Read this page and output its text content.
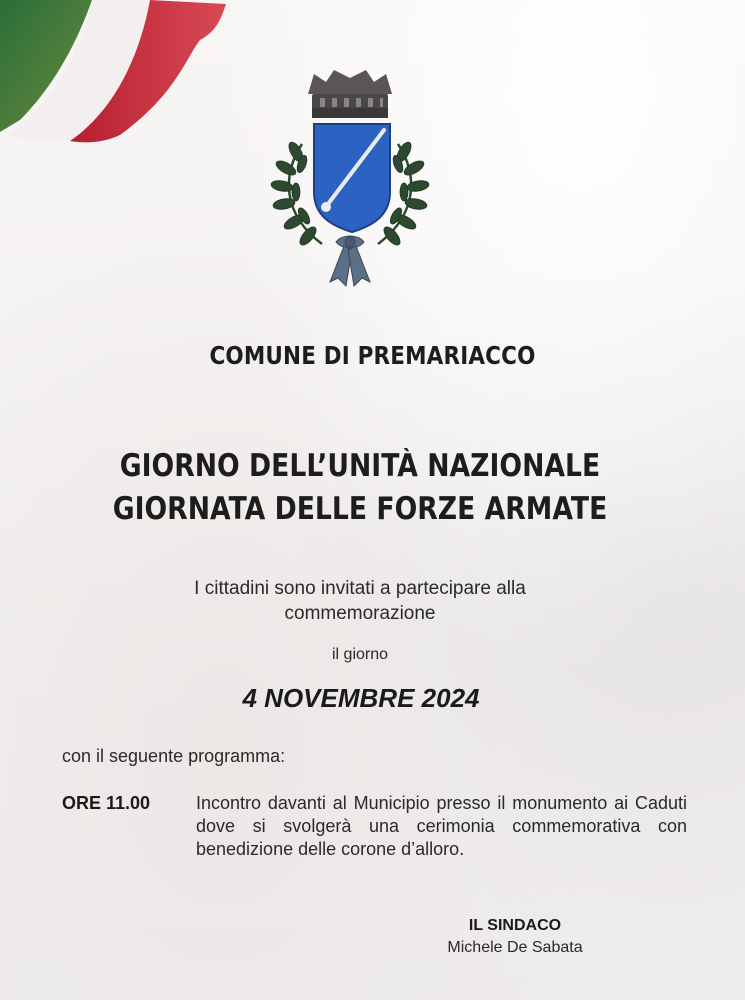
COMUNE DI PREMARIACCO

GIORNO DELL’UNITÀ NAZIONALE

GIORNATA DELLE FORZE ARMATE

I cittadini sono invitati a partecipare alla

commemorazione

il giorno

4 NOVEMBRE 2024

con il seguente programma:

ORE 11.00	Incontro davanti al Municipio presso il monumento ai Caduti dove si svolgerà una cerimonia commemorativa con benedizione delle corone d’alloro.

IL SINDACO
Michele De Sabata
